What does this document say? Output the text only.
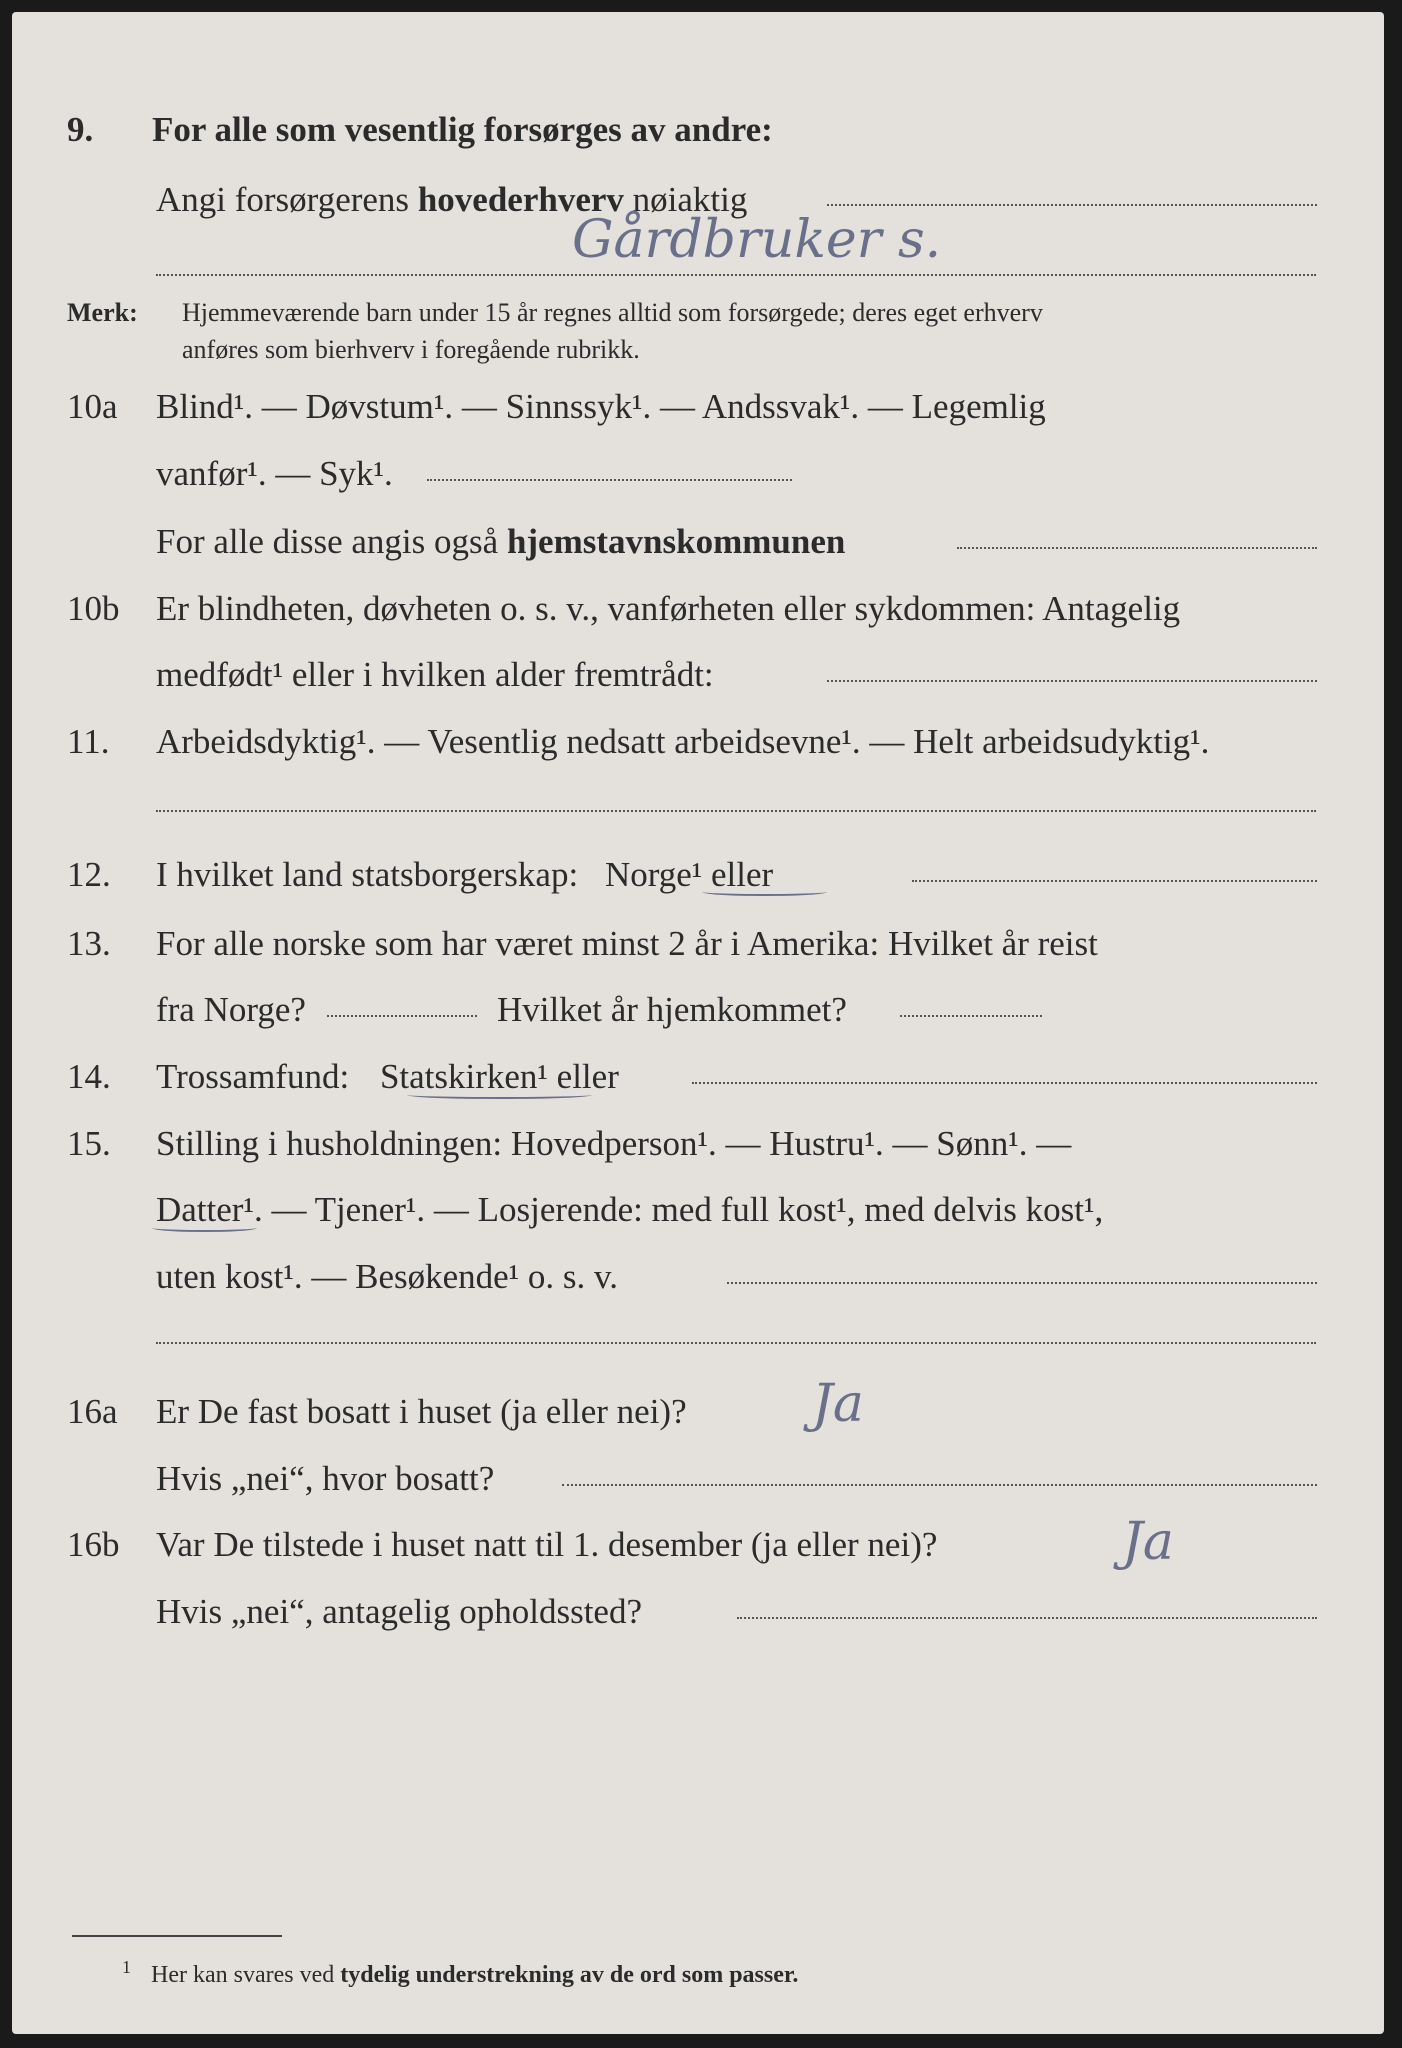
9. For alle som vesentlig forsørges av andre:
Angi forsørgerens hovederhverv nøiaktig
Gårdbruker s.
Merk: Hjemmeværende barn under 15 år regnes alltid som forsørgede; deres eget erhverv
anføres som bierhverv i foregående rubrikk.
10a Blind¹. — Døvstum¹. — Sinnssyk¹. — Andssvak¹. — Legemlig
vanfør¹. — Syk¹.
For alle disse angis også hjemstavnskommunen
10b Er blindheten, døvheten o. s. v., vanførheten eller sykdommen: Antagelig
medfødt¹ eller i hvilken alder fremtrådt:
11. Arbeidsdyktig¹. — Vesentlig nedsatt arbeidsevne¹. — Helt arbeidsudyktig¹.
12. I hvilket land statsborgerskap: Norge¹ eller
13. For alle norske som har været minst 2 år i Amerika: Hvilket år reist
fra Norge?	Hvilket år hjemkommet?
14. Trossamfund: Statskirken¹ eller
15. Stilling i husholdningen: Hovedperson¹. — Hustru¹. — Sønn¹. —
Datter¹. — Tjener¹. — Losjerende: med full kost¹, med delvis kost¹,
uten kost¹. — Besøkende¹ o. s. v.
16a Er De fast bosatt i huset (ja eller nei)? Ja
Hvis „nei“, hvor bosatt?
16b Var De tilstede i huset natt til 1. desember (ja eller nei)?	Ja
Hvis „nei“, antagelig opholdssted?
$^1$ Her kan svares ved tydelig understrekning av de ord som passer.
